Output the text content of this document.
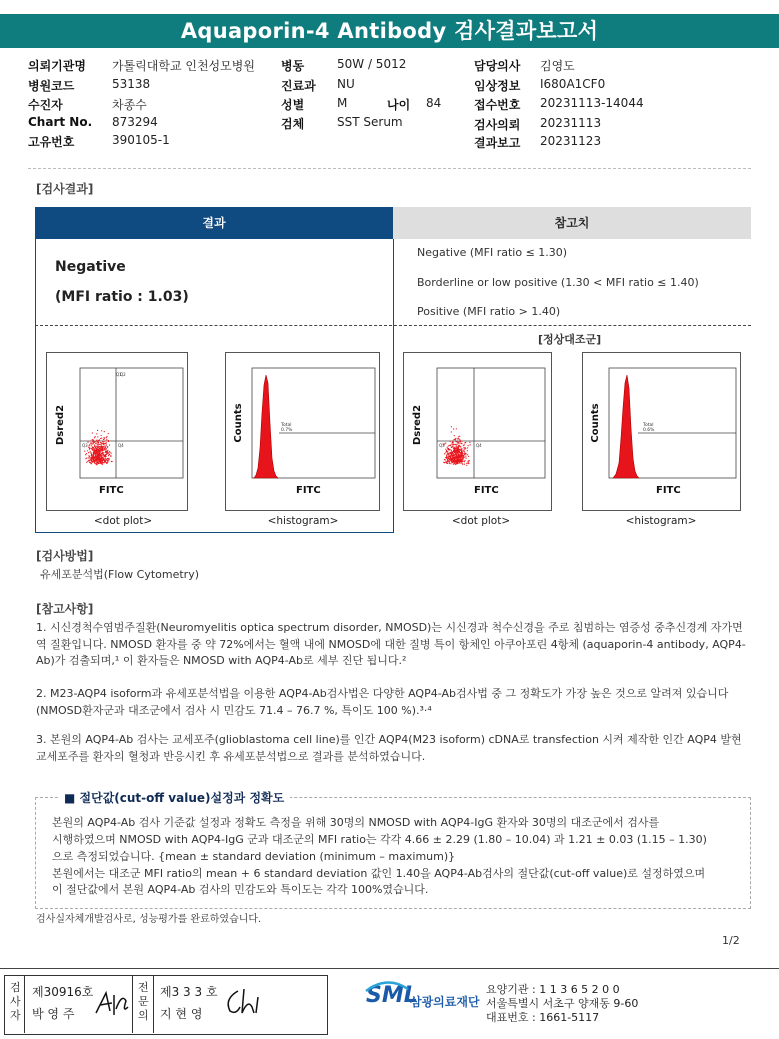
Aquaporin-4 Antibody 검사결과보고서
의뢰기관명 가톨릭대학교 인천성모병원
병원코드	53138
수진자	차종수
Chart No. 873294
고유번호	390105-1
병동	50W / 5012
진료과 NU
성별	M	나이 84
검체	SST Serum
담당의사 김영도
임상정보 I680A1CF0
접수번호 20231113-14044
검사의뢰 20231113
결과보고 20231123
[검사결과]
결과	참고치
Negative
(MFI ratio : 1.03)
Negative (MFI ratio ≤ 1.30)
Borderline or low positive (1.30 < MFI ratio ≤ 1.40)
Positive (MFI ratio > 1.40)
[정상대조군]
Q1
Q2
Q3	Q4
Dsred2
FITC
Total
0.7%
Counts
FITC
Q3	Q4
Dsred2
FITC
Total
0.6%
Counts
FITC
<dot plot>	<histogram>	<dot plot>	<histogram>
[검사방법]
유세포분석법(Flow Cytometry)
[참고사항]
1. 시신경척수염범주질환(Neuromyelitis optica spectrum disorder, NMOSD)는 시신경과 척수신경을 주로 침범하는 염증성 중추신경계 자가면역 질환입니다. NMOSD 환자를 중 약 72%에서는 혈액 내에 NMOSD에 대한 질병 특이 항체인 아쿠아포린 4항체 (aquaporin-4 antibody, AQP4-Ab)가 검출되며,¹ 이 환자들은 NMOSD with AQP4-Ab로 세부 진단 됩니다.²
2. M23-AQP4 isoform과 유세포분석법을 이용한 AQP4-Ab검사법은 다양한 AQP4-Ab검사법 중 그 정확도가 가장 높은 것으로 알려져 있습니다(NMOSD환자군과 대조군에서 검사 시 민감도 71.4 – 76.7 %, 특이도 100 %).³·⁴
3. 본원의 AQP4-Ab 검사는 교세포주(glioblastoma cell line)를 인간 AQP4(M23 isoform) cDNA로 transfection 시켜 제작한 인간 AQP4 발현 교세포주를 환자의 혈청과 반응시킨 후 유세포분석법으로 결과를 분석하였습니다.
■ 절단값(cut-off value)설정과 정확도
본원의 AQP4-Ab 검사 기준값 설정과 정확도 측정을 위해 30명의 NMOSD with AQP4-IgG 환자와 30명의 대조군에서 검사를
시행하였으며 NMOSD with AQP4-IgG 군과 대조군의 MFI ratio는 각각 4.66 ± 2.29 (1.80 – 10.04) 과 1.21 ± 0.03 (1.15 – 1.30)
으로 측정되었습니다. {mean ± standard deviation (minimum – maximum)}
본원에서는 대조군 MFI ratio의 mean + 6 standard deviation 값인 1.40을 AQP4-Ab검사의 절단값(cut-off value)로 설정하였으며
이 절단값에서 본원 AQP4-Ab 검사의 민감도와 특이도는 각각 100%였습니다.
검사실자체개발검사로, 성능평가를 완료하였습니다.
1/2
검사자
제30916호
박 영 주
전문의
제3 3 3 호
지 현 영
SML
삼광의료재단
요양기관 : 1 1 3 6 5 2 0 0
서울특별시 서초구 양재동 9-60
대표번호 : 1661-5117
